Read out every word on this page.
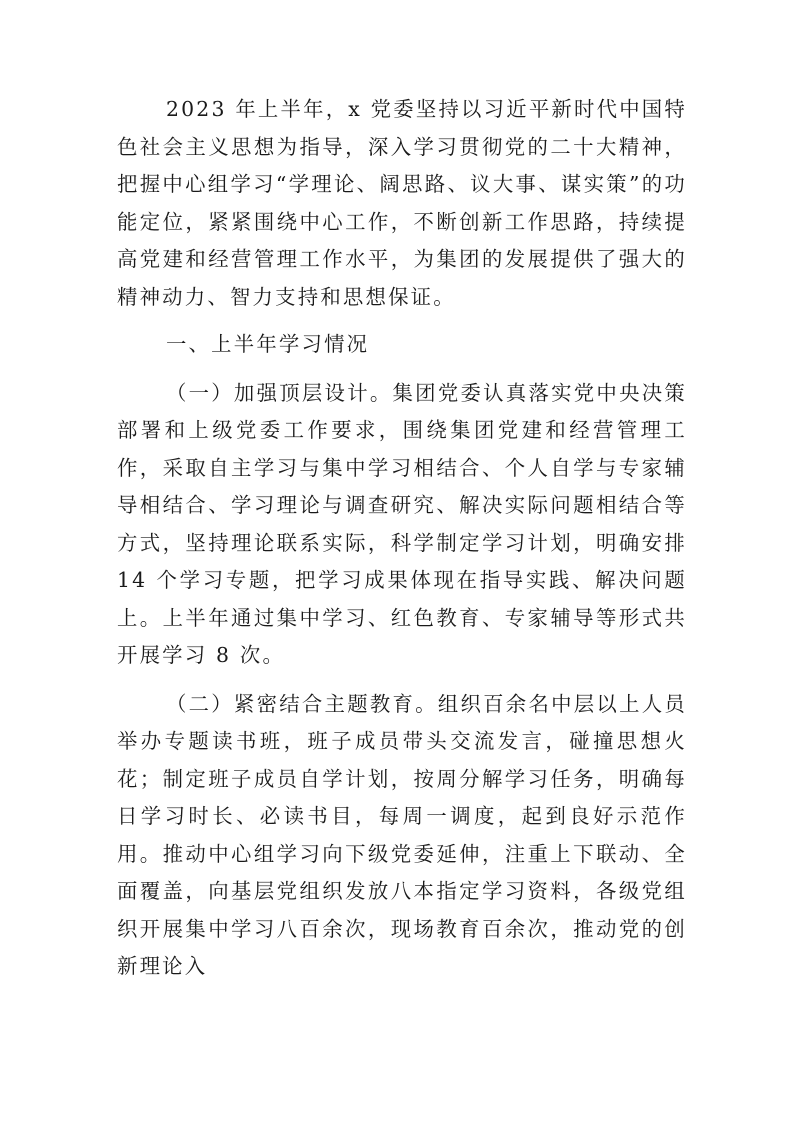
2023 年上半年，x 党委坚持以习近平新时代中国特色社会主义思想为指导，深入学习贯彻党的二十大精神，把握中心组学习“学理论、阔思路、议大事、谋实策”的功能定位，紧紧围绕中心工作，不断创新工作思路，持续提高党建和经营管理工作水平，为集团的发展提供了强大的精神动力、智力支持和思想保证。

一、上半年学习情况

（一）加强顶层设计。集团党委认真落实党中央决策部署和上级党委工作要求，围绕集团党建和经营管理工作，采取自主学习与集中学习相结合、个人自学与专家辅导相结合、学习理论与调查研究、解决实际问题相结合等方式，坚持理论联系实际，科学制定学习计划，明确安排 14 个学习专题，把学习成果体现在指导实践、解决问题上。上半年通过集中学习、红色教育、专家辅导等形式共开展学习 8 次。

（二）紧密结合主题教育。组织百余名中层以上人员举办专题读书班，班子成员带头交流发言，碰撞思想火花；制定班子成员自学计划，按周分解学习任务，明确每日学习时长、必读书目，每周一调度，起到良好示范作用。推动中心组学习向下级党委延伸，注重上下联动、全面覆盖，向基层党组织发放八本指定学习资料，各级党组织开展集中学习八百余次，现场教育百余次，推动党的创新理论入
